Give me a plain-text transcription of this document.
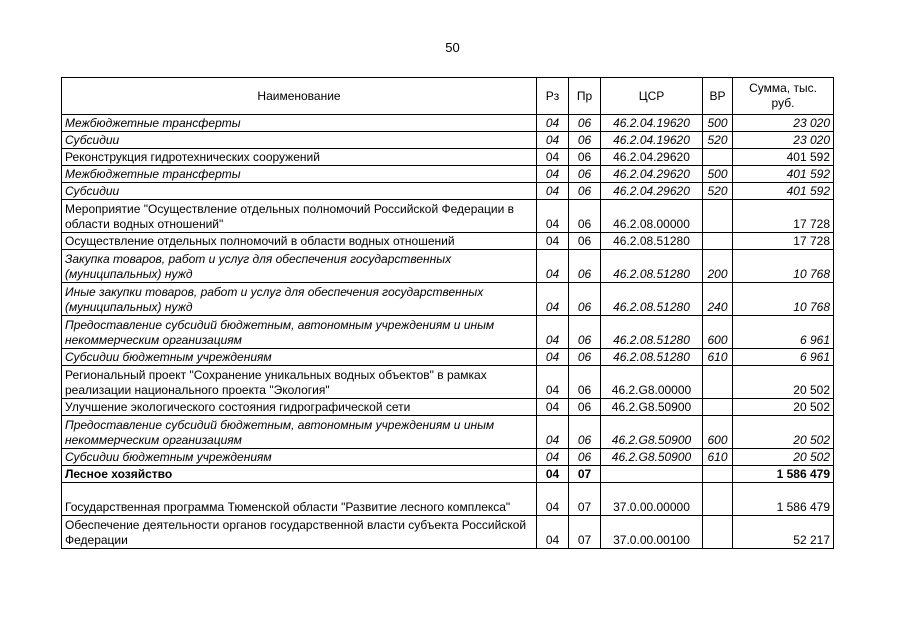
50
Наименование	Рз	Пр	ЦСР	ВР	Сумма, тыс. руб.
Межбюджетные трансферты	04	06	46.2.04.19620	500	23 020
Субсидии	04	06	46.2.04.19620	520	23 020
Реконструкция гидротехнических сооружений	04	06	46.2.04.29620		401 592
Межбюджетные трансферты	04	06	46.2.04.29620	500	401 592
Субсидии	04	06	46.2.04.29620	520	401 592
Мероприятие "Осуществление отдельных полномочий Российской Федерации в области водных отношений"	04	06	46.2.08.00000		17 728
Осуществление отдельных полномочий в области водных отношений	04	06	46.2.08.51280		17 728
Закупка товаров, работ и услуг для обеспечения государственных (муниципальных) нужд	04	06	46.2.08.51280	200	10 768
Иные закупки товаров, работ и услуг для обеспечения государственных (муниципальных) нужд	04	06	46.2.08.51280	240	10 768
Предоставление субсидий бюджетным, автономным учреждениям и иным некоммерческим организациям	04	06	46.2.08.51280	600	6 961
Субсидии бюджетным учреждениям	04	06	46.2.08.51280	610	6 961
Региональный проект "Сохранение уникальных водных объектов" в рамках реализации национального проекта "Экология"	04	06	46.2.G8.00000		20 502
Улучшение экологического состояния гидрографической сети	04	06	46.2.G8.50900		20 502
Предоставление субсидий бюджетным, автономным учреждениям и иным некоммерческим организациям	04	06	46.2.G8.50900	600	20 502
Субсидии бюджетным учреждениям	04	06	46.2.G8.50900	610	20 502
Лесное хозяйство	04	07			1 586 479
Государственная программа Тюменской области "Развитие лесного комплекса"	04	07	37.0.00.00000		1 586 479
Обеспечение деятельности органов государственной власти субъекта Российской Федерации	04	07	37.0.00.00100		52 217
